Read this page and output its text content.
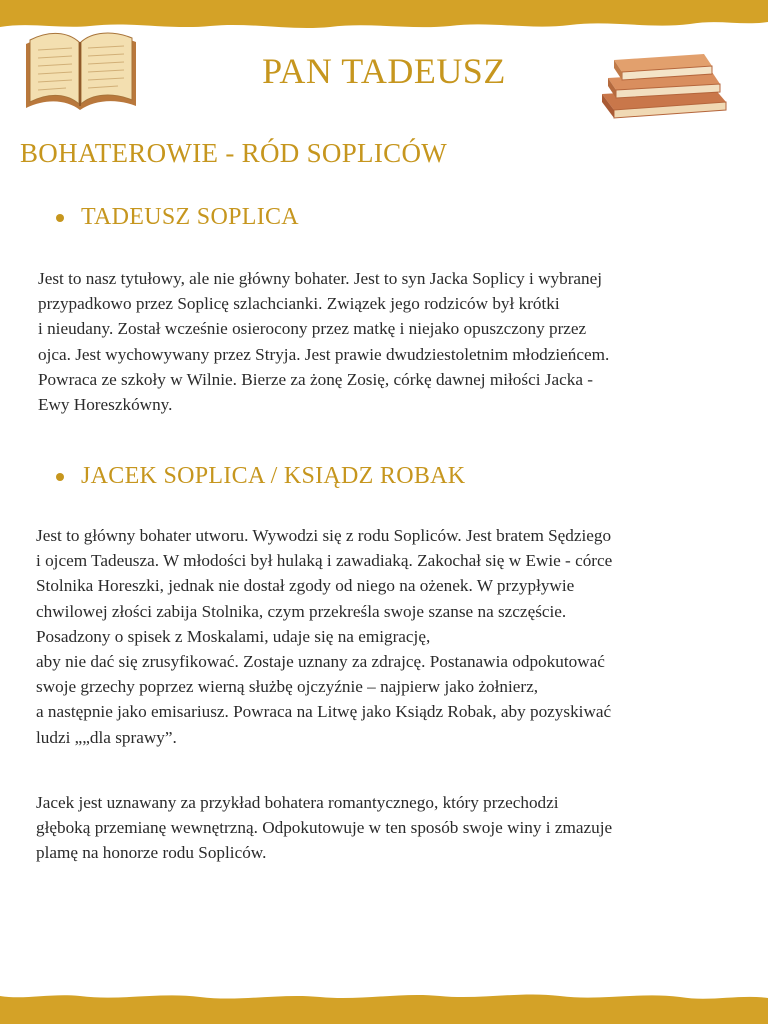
PAN TADEUSZ
BOHATEROWIE - RÓD SOPLICÓW
TADEUSZ SOPLICA
Jest to nasz tytułowy, ale nie główny bohater. Jest to syn Jacka Soplicy i wybranej
przypadkowo przez Soplicę szlachcianki. Związek jego rodziców był krótki
i nieudany. Został wcześnie osierocony przez matkę i niejako opuszczony przez
ojca. Jest wychowywany przez Stryja. Jest prawie dwudziestoletnim młodzieńcem.
Powraca ze szkoły w Wilnie. Bierze za żonę Zosię, córkę dawnej miłości Jacka -
Ewy Horeszkówny.
JACEK SOPLICA / KSIĄDZ ROBAK
Jest to główny bohater utworu. Wywodzi się z rodu Sopliców. Jest bratem Sędziego
i ojcem Tadeusza. W młodości był hulaką i zawadiaką. Zakochał się w Ewie - córce
Stolnika Horeszki, jednak nie dostał zgody od niego na ożenek. W przypływie
chwilowej złości zabija Stolnika, czym przekreśla swoje szanse na szczęście.
Posadzony o spisek z Moskalami, udaje się na emigrację,
aby nie dać się zrusyfikować. Zostaje uznany za zdrajcę. Postanawia odpokutować
swoje grzechy poprzez wierną służbę ojczyźnie – najpierw jako żołnierz,
a następnie jako emisariusz. Powraca na Litwę jako Ksiądz Robak, aby pozyskiwać
ludzi „„dla sprawy”.
Jacek jest uznawany za przykład bohatera romantycznego, który przechodzi
głęboką przemianę wewnętrzną. Odpokutowuje w ten sposób swoje winy i zmazuje
plamę na honorze rodu Sopliców.
